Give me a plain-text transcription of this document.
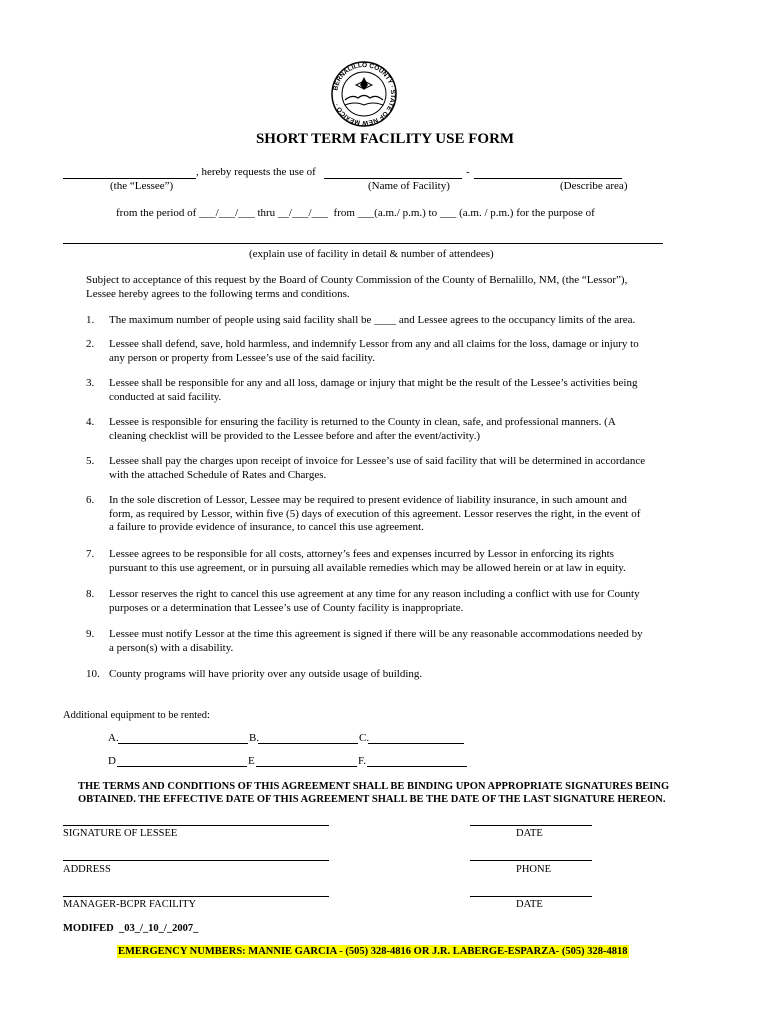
BERNALILLO COUNTY · STATE OF NEW MEXICO ·
SHORT TERM FACILITY USE FORM
, hereby requests the use of	-
(the “Lessee”)	(Name of Facility)	(Describe area)
from the period of ___/___/___ thru __/___/___  from ___(a.m./ p.m.) to ___ (a.m. / p.m.) for the purpose of
(explain use of facility in detail & number of attendees)
Subject to acceptance of this request by the Board of County Commission of the County of Bernalillo, NM, (the “Lessor”),
Lessee hereby agrees to the following terms and conditions.
1.	The maximum number of people using said facility shall be ____ and Lessee agrees to the occupancy limits of the area.
2.	Lessee shall defend, save, hold harmless, and indemnify Lessor from any and all claims for the loss, damage or injury to
any person or property from Lessee’s use of the said facility.
3.	Lessee shall be responsible for any and all loss, damage or injury that might be the result of the Lessee’s activities being
conducted at said facility.
4.	Lessee is responsible for ensuring the facility is returned to the County in clean, safe, and professional manners. (A
cleaning checklist will be provided to the Lessee before and after the event/activity.)
5.	Lessee shall pay the charges upon receipt of invoice for Lessee’s use of said facility that will be determined in accordance
with the attached Schedule of Rates and Charges.
6.	In the sole discretion of Lessor, Lessee may be required to present evidence of liability insurance, in such amount and
form, as required by Lessor, within five (5) days of execution of this agreement. Lessor reserves the right, in the event of
a failure to provide evidence of insurance, to cancel this use agreement.
7.	Lessee agrees to be responsible for all costs, attorney’s fees and expenses incurred by Lessor in enforcing its rights
pursuant to this use agreement, or in pursuing all available remedies which may be allowed herein or at law in equity.
8.	Lessor reserves the right to cancel this use agreement at any time for any reason including a conflict with use for County
purposes or a determination that Lessee’s use of County facility is inappropriate.
9.	Lessee must notify Lessor at the time this agreement is signed if there will be any reasonable accommodations needed by
a person(s) with a disability.
10. County programs will have priority over any outside usage of building.
Additional equipment to be rented:
A.	B.	C.
D	E	F.
THE TERMS AND CONDITIONS OF THIS AGREEMENT SHALL BE BINDING UPON APPROPRIATE SIGNATURES BEING
OBTAINED. THE EFFECTIVE DATE OF THIS AGREEMENT SHALL BE THE DATE OF THE LAST SIGNATURE HEREON.
SIGNATURE OF LESSEE	DATE
ADDRESS	PHONE
MANAGER-BCPR FACILITY	DATE
MODIFED  _03_/_10_/_2007_
EMERGENCY NUMBERS: MANNIE GARCIA - (505) 328-4816 OR J.R. LABERGE-ESPARZA- (505) 328-4818
